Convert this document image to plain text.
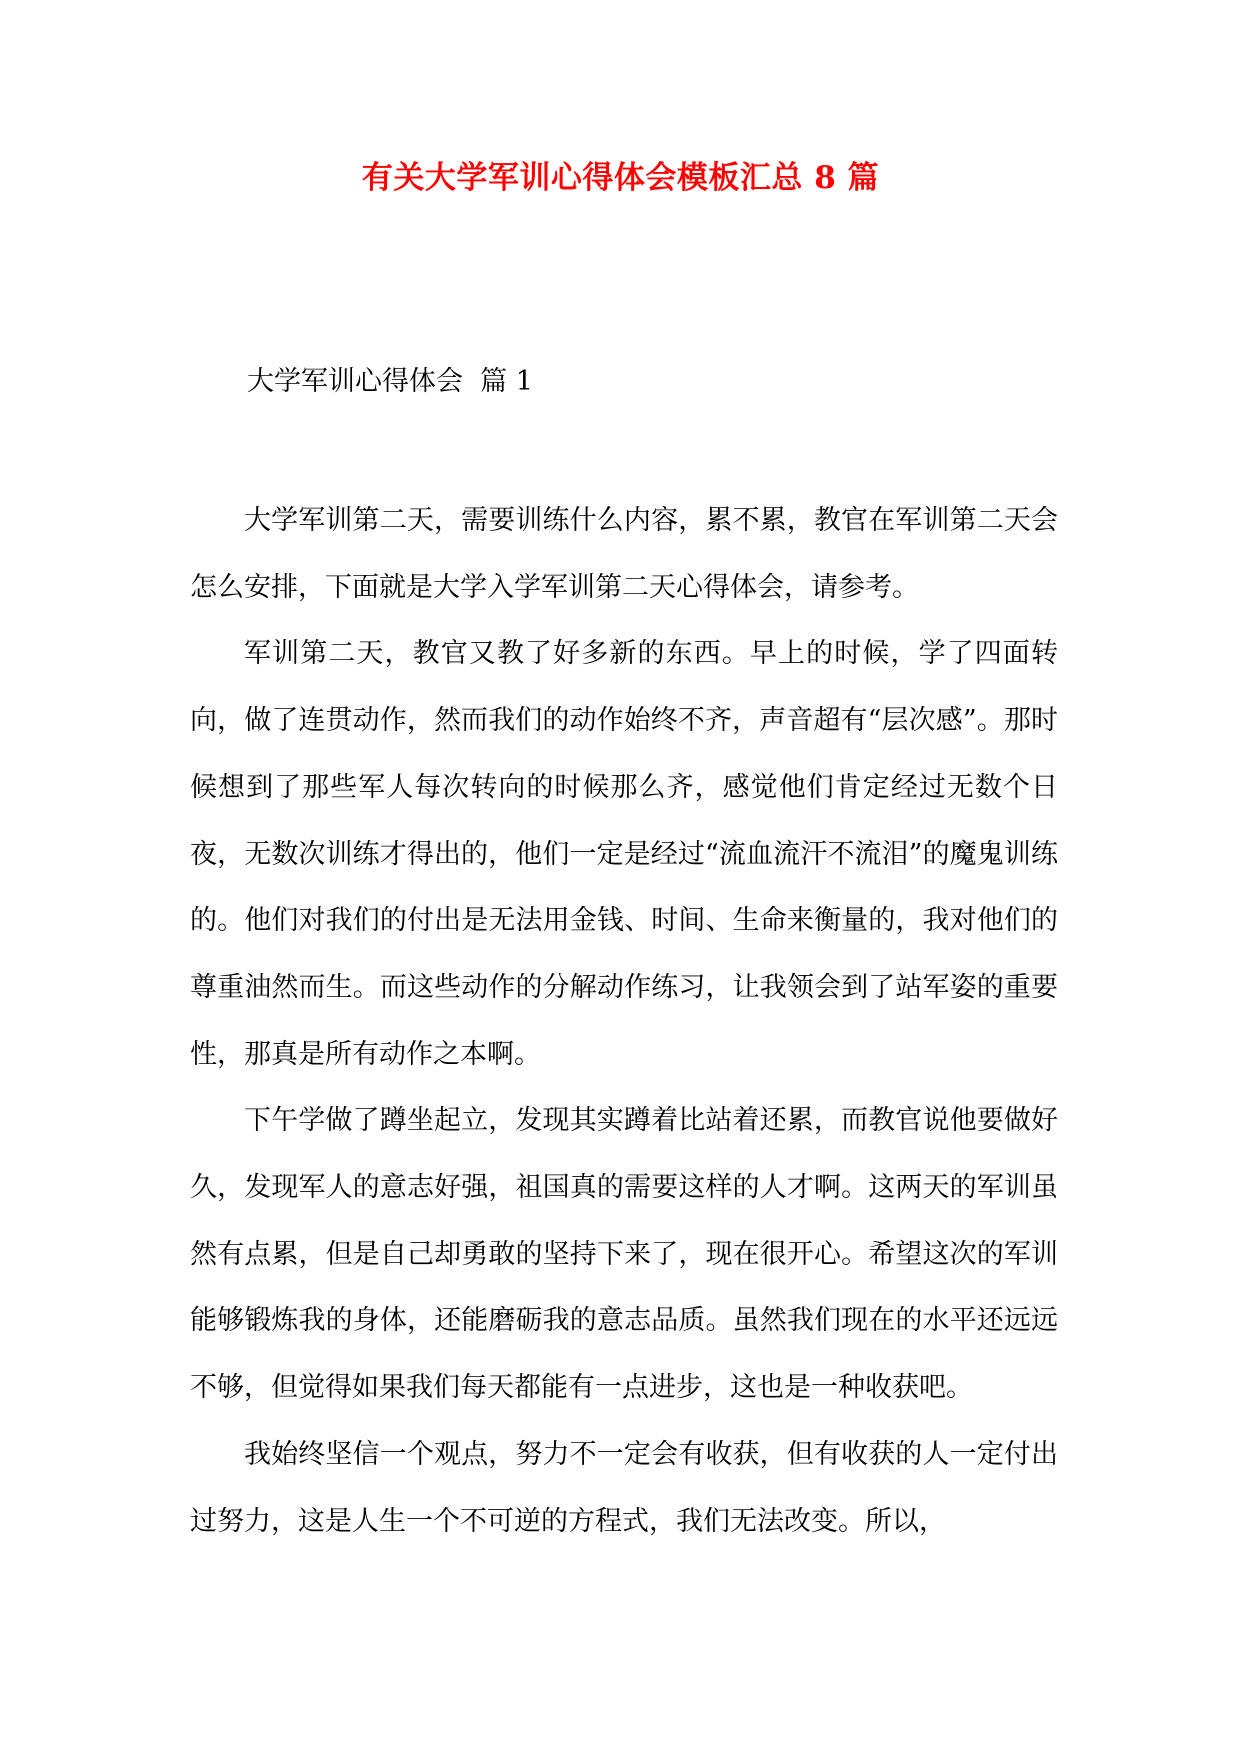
有关大学军训心得体会模板汇总 8 篇
大学军训心得体会  篇 1

大学军训第二天，需要训练什么内容，累不累，教官在军训第二天会怎么安排，下面就是大学入学军训第二天心得体会，请参考。

军训第二天，教官又教了好多新的东西。早上的时候，学了四面转向，做了连贯动作，然而我们的动作始终不齐，声音超有“层次感”。那时候想到了那些军人每次转向的时候那么齐，感觉他们肯定经过无数个日夜，无数次训练才得出的，他们一定是经过“流血流汗不流泪”的魔鬼训练的。他们对我们的付出是无法用金钱、时间、生命来衡量的，我对他们的尊重油然而生。而这些动作的分解动作练习，让我领会到了站军姿的重要性，那真是所有动作之本啊。

下午学做了蹲坐起立，发现其实蹲着比站着还累，而教官说他要做好久，发现军人的意志好强，祖国真的需要这样的人才啊。这两天的军训虽然有点累，但是自己却勇敢的坚持下来了，现在很开心。希望这次的军训能够锻炼我的身体，还能磨砺我的意志品质。虽然我们现在的水平还远远不够，但觉得如果我们每天都能有一点进步，这也是一种收获吧。

我始终坚信一个观点，努力不一定会有收获，但有收获的人一定付出过努力，这是人生一个不可逆的方程式，我们无法改变。所以，
